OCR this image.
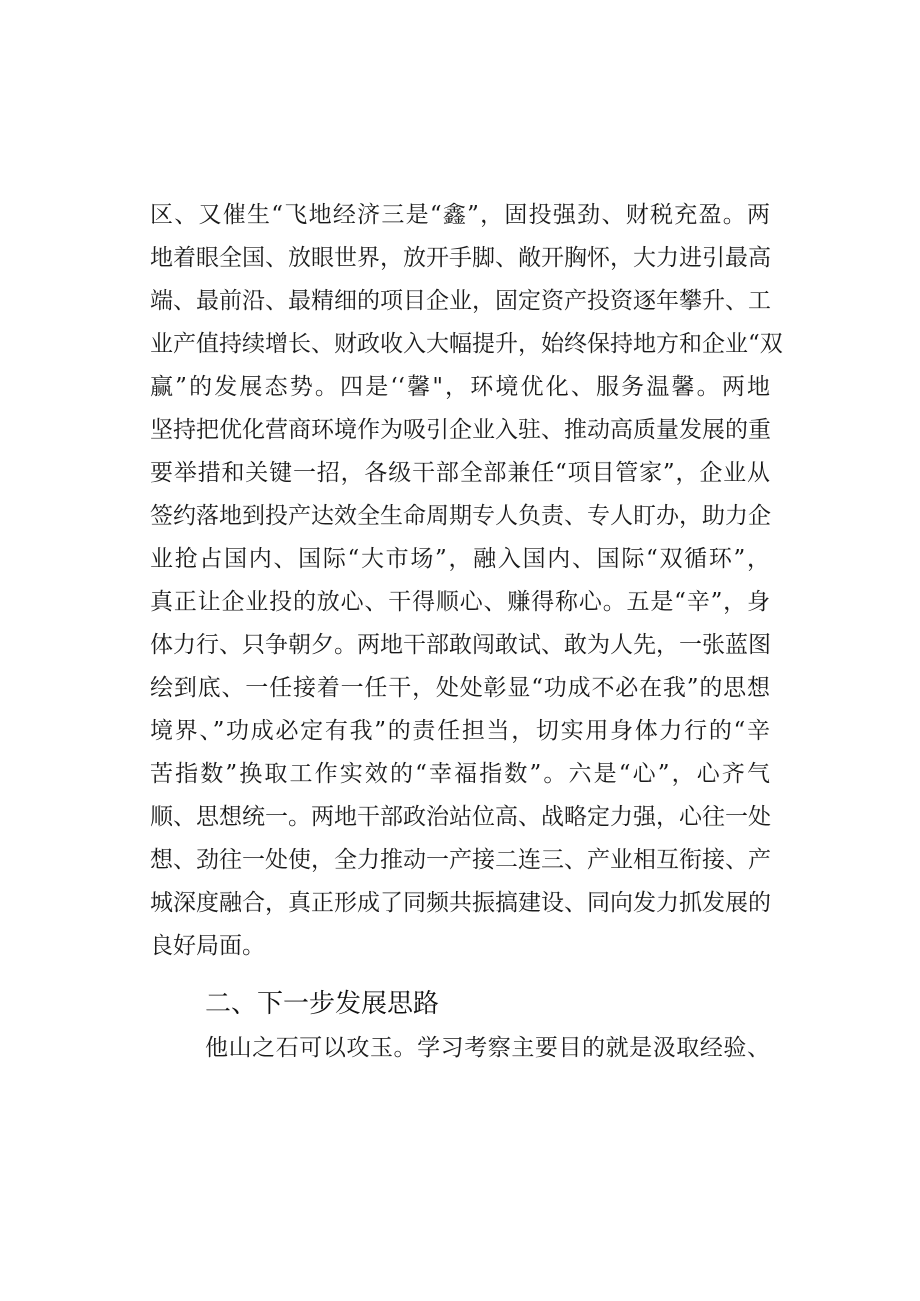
区、又催生“飞地经济三是“鑫”，固投强劲、财税充盈。两
地着眼全国、放眼世界，放开手脚、敞开胸怀，大力进引最高
端、最前沿、最精细的项目企业，固定资产投资逐年攀升、工
业产值持续增长、财政收入大幅提升，始终保持地方和企业“双
赢”的发展态势。四是‘‘馨"，环境优化、服务温馨。两地
坚持把优化营商环境作为吸引企业入驻、推动高质量发展的重
要举措和关键一招，各级干部全部兼任“项目管家”，企业从
签约落地到投产达效全生命周期专人负责、专人盯办，助力企
业抢占国内、国际“大市场”，融入国内、国际“双循环”，
真正让企业投的放心、干得顺心、赚得称心。五是“辛”，身
体力行、只争朝夕。两地干部敢闯敢试、敢为人先，一张蓝图
绘到底、一任接着一任干，处处彰显“功成不必在我”的思想
境界、”功成必定有我”的责任担当，切实用身体力行的“辛
苦指数”换取工作实效的“幸福指数”。六是“心”，心齐气
顺、思想统一。两地干部政治站位高、战略定力强，心往一处
想、劲往一处使，全力推动一产接二连三、产业相互衔接、产
城深度融合，真正形成了同频共振搞建设、同向发力抓发展的
良好局面。
二、下一步发展思路
他山之石可以攻玉。学习考察主要目的就是汲取经验、
